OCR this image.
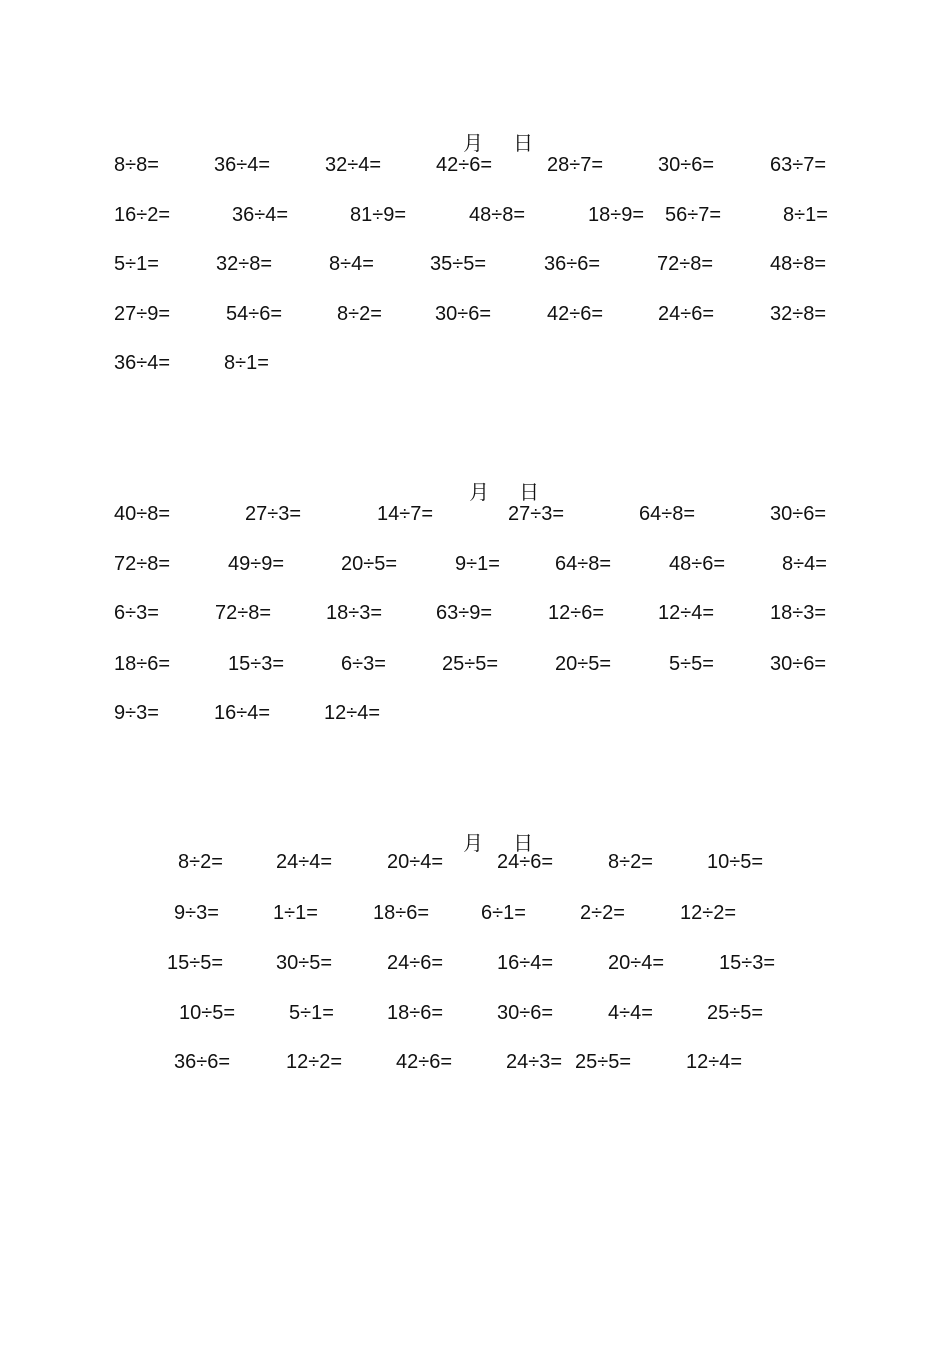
月 日

月 日

月 日

8÷8=	36÷4=	32÷4=	42÷6=	28÷7=	30÷6=	63÷7=
16÷2=	36÷4=	81÷9=	48÷8=	18÷9= 56÷7=	8÷1=
5÷1=	32÷8=	8÷4=	35÷5=	36÷6=	72÷8=	48÷8=
27÷9=	54÷6=	8÷2=	30÷6=	42÷6=	24÷6=	32÷8=
36÷4=	8÷1=
40÷8=	27÷3=	14÷7=	27÷3=	64÷8=	30÷6=
72÷8=	49÷9=	20÷5=	9÷1=	64÷8=	48÷6=	8÷4=
6÷3=	72÷8=	18÷3=	63÷9=	12÷6=	12÷4=	18÷3=
18÷6=	15÷3=	6÷3=	25÷5=	20÷5=	5÷5=	30÷6=
9÷3=	16÷4=	12÷4=
8÷2=	24÷4=	20÷4=	24÷6=	8÷2=	10÷5=
9÷3=	1÷1=	18÷6=	6÷1=	2÷2=	12÷2=
15÷5=	30÷5=	24÷6=	16÷4=	20÷4=	15÷3=
10÷5=	5÷1=	18÷6=	30÷6=	4÷4=	25÷5=
36÷6=	12÷2=	42÷6=	24÷3= 25÷5=	12÷4=
